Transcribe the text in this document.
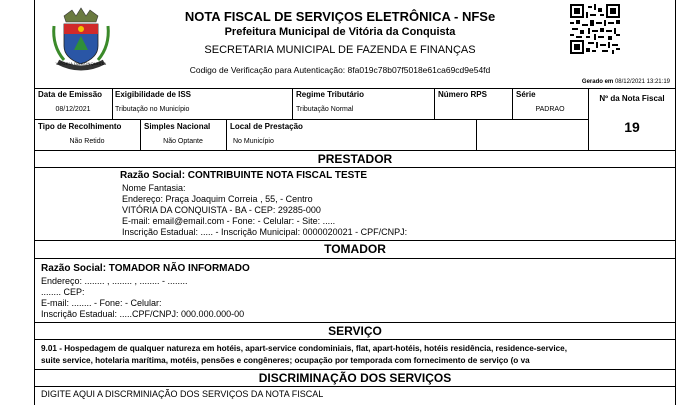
VITÓRIA DA CONQUISTA
NOTA FISCAL DE SERVIÇOS ELETRÔNICA - NFSe
Prefeitura Municipal de Vitória da Conquista
SECRETARIA MUNICIPAL DE FAZENDA E FINANÇAS
Codigo de Verificação para Autenticação: 8fa019c78b07f5018e61ca69cd9e54fd
Gerado em 08/12/2021 13:21:19
Data de Emissão
08/12/2021
Exigibilidade de ISS
Tributação no Município
Regime Tributário
Tributação Normal
Número RPS	Série
PADRAO
Nº da Nota Fiscal
19
Tipo de Recolhimento
Não Retido
Simples Nacional
Não Optante
Local de Prestação
No Município
PRESTADOR
Razão Social: CONTRIBUINTE NOTA FISCAL TESTE
Nome Fantasia:
Endereço: Praça Joaquim Correia , 55, - Centro
VITÓRIA DA CONQUISTA - BA - CEP: 29285-000
E-mail: email@email.com - Fone: - Celular: - Site: .....
Inscrição Estadual: ..... - Inscrição Municipal: 0000020021 - CPF/CNPJ:
TOMADOR
Razão Social: TOMADOR NÃO INFORMADO
Endereço: ........ , ........ , ........ - ........
........ CEP:
E-mail: ........ - Fone: - Celular:
Inscrição Estadual: .....CPF/CNPJ: 000.000.000-00
SERVIÇO
9.01 - Hospedagem de qualquer natureza em hotéis, apart-service condominiais, flat, apart-hotéis, hotéis residência, residence-service,
suite service, hotelaria marítima, motéis, pensões e congêneres; ocupação por temporada com fornecimento de serviço (o va
DISCRIMINAÇÃO DOS SERVIÇOS
DIGITE AQUI A DISCRMINIAÇÃO DOS SERVIÇOS DA NOTA FISCAL
